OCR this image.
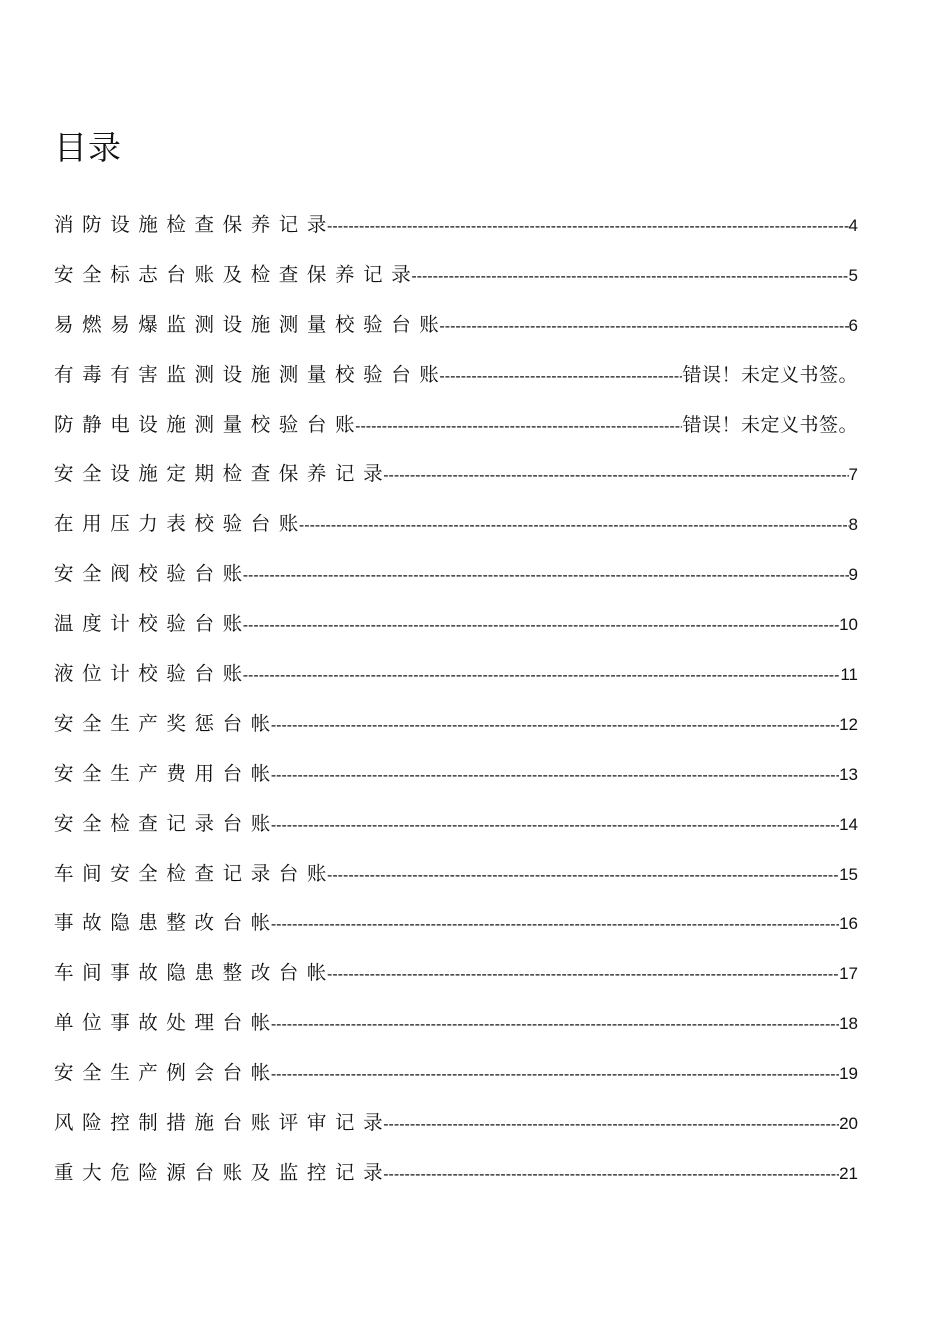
目录
消防设施检查保养记录 -----	4
安全标志台账及检查保养记录 -----	5
易燃易爆监测设施测量校验台账 -----	6
有毒有害监测设施测量校验台账 -----	错误！未定义书签。
防静电设施测量校验台账 -----	错误！未定义书签。
安全设施定期检查保养记录 -----	7
在用压力表校验台账 -----	8
安全阀校验台账 -----	9
温度计校验台账 -----	10
液位计校验台账 -----	11
安全生产奖惩台帐 -----	12
安全生产费用台帐 -----	13
安全检查记录台账 -----	14
车间安全检查记录台账 -----	15
事故隐患整改台帐 -----	16
车间事故隐患整改台帐 -----	17
单位事故处理台帐 -----	18
安全生产例会台帐 -----	19
风险控制措施台账评审记录 -----	20
重大危险源台账及监控记录 -----	21
